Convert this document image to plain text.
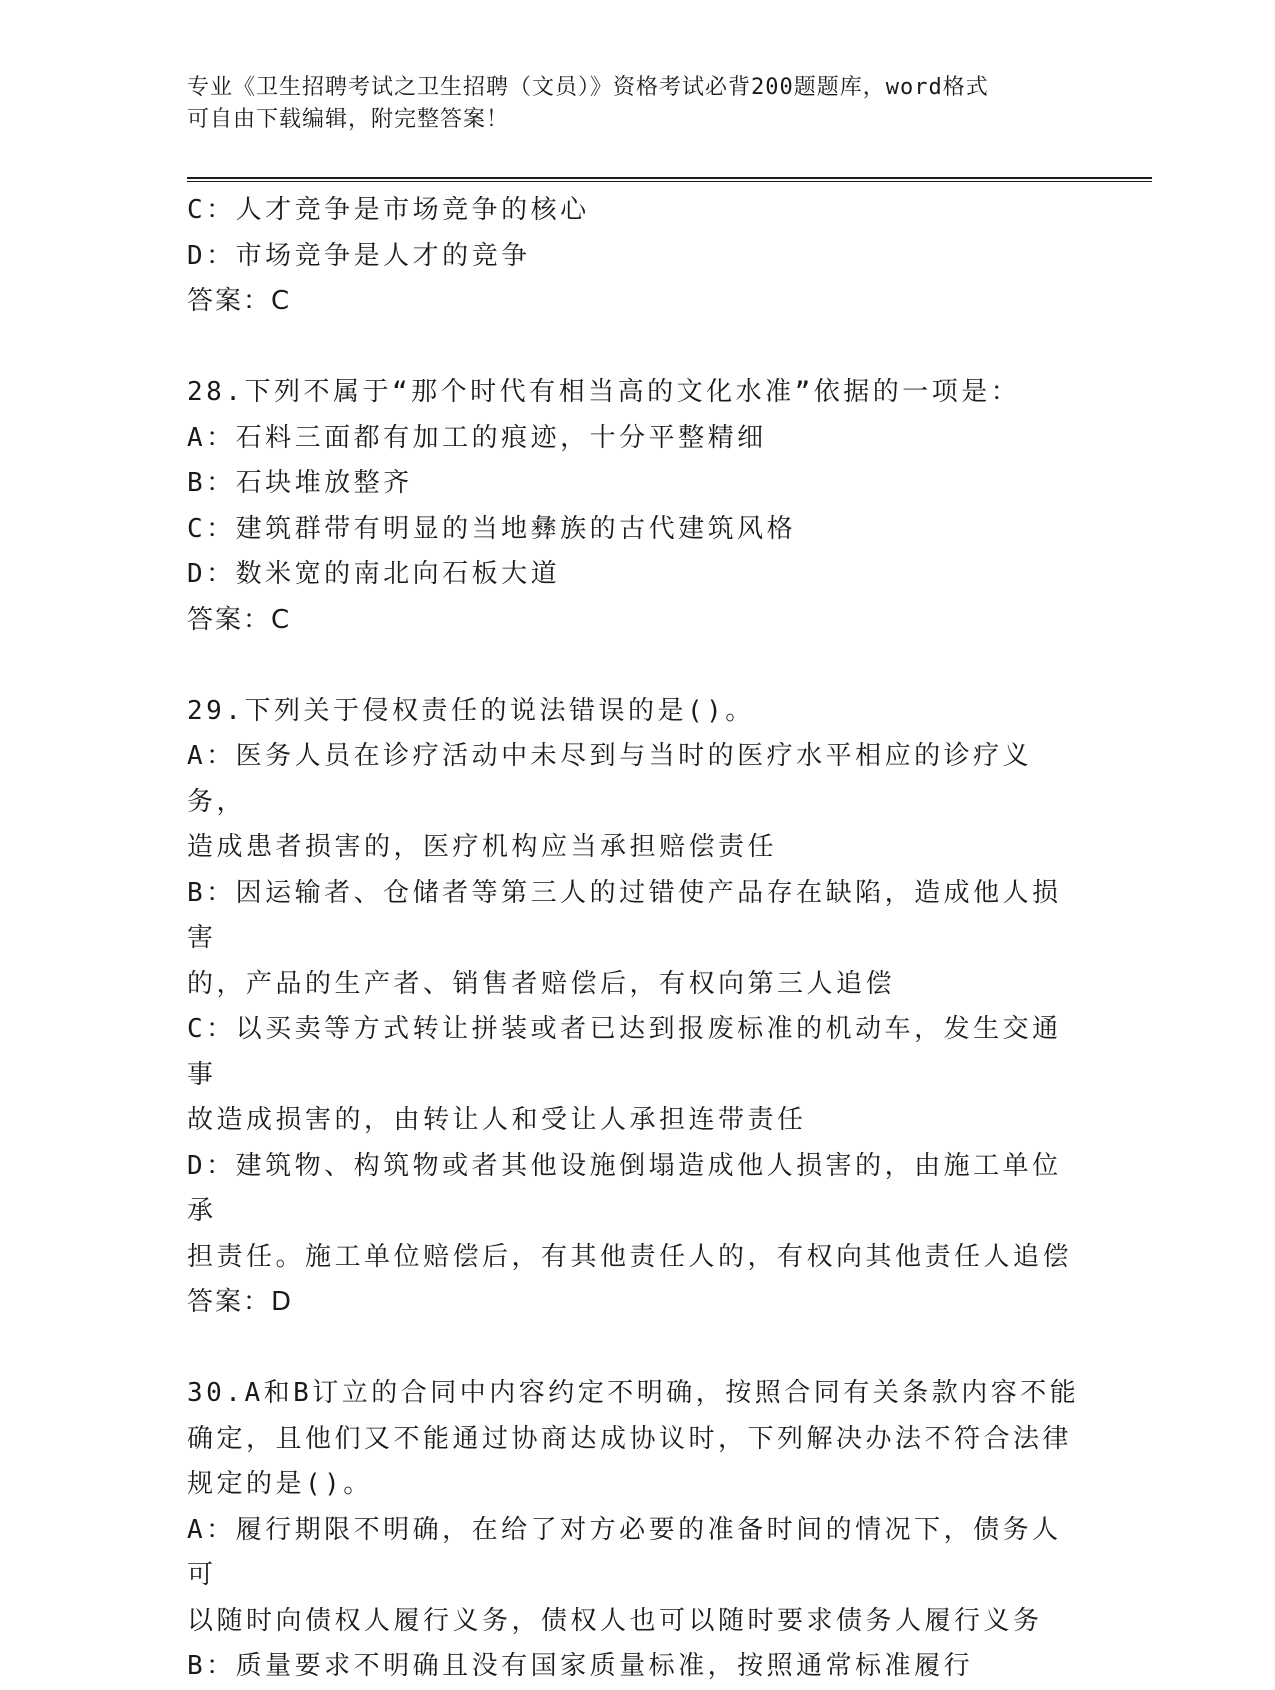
专业《卫生招聘考试之卫生招聘（文员）》资格考试必背200题题库，word格式
可自由下载编辑，附完整答案！
C：人才竞争是市场竞争的核心
D：市场竞争是人才的竞争
答案：C
28.下列不属于“那个时代有相当高的文化水准”依据的一项是：
A：石料三面都有加工的痕迹，十分平整精细
B：石块堆放整齐
C：建筑群带有明显的当地彝族的古代建筑风格
D：数米宽的南北向石板大道
答案：C
29.下列关于侵权责任的说法错误的是()。
A：医务人员在诊疗活动中未尽到与当时的医疗水平相应的诊疗义务，
造成患者损害的，医疗机构应当承担赔偿责任
B：因运输者、仓储者等第三人的过错使产品存在缺陷，造成他人损害
的，产品的生产者、销售者赔偿后，有权向第三人追偿
C：以买卖等方式转让拼装或者已达到报废标准的机动车，发生交通事
故造成损害的，由转让人和受让人承担连带责任
D：建筑物、构筑物或者其他设施倒塌造成他人损害的，由施工单位承
担责任。施工单位赔偿后，有其他责任人的，有权向其他责任人追偿
答案：D
30.A和B订立的合同中内容约定不明确，按照合同有关条款内容不能
确定，且他们又不能通过协商达成协议时，下列解决办法不符合法律
规定的是()。
A：履行期限不明确，在给了对方必要的准备时间的情况下，债务人可
以随时向债权人履行义务，债权人也可以随时要求债务人履行义务
B：质量要求不明确且没有国家质量标准，按照通常标准履行
